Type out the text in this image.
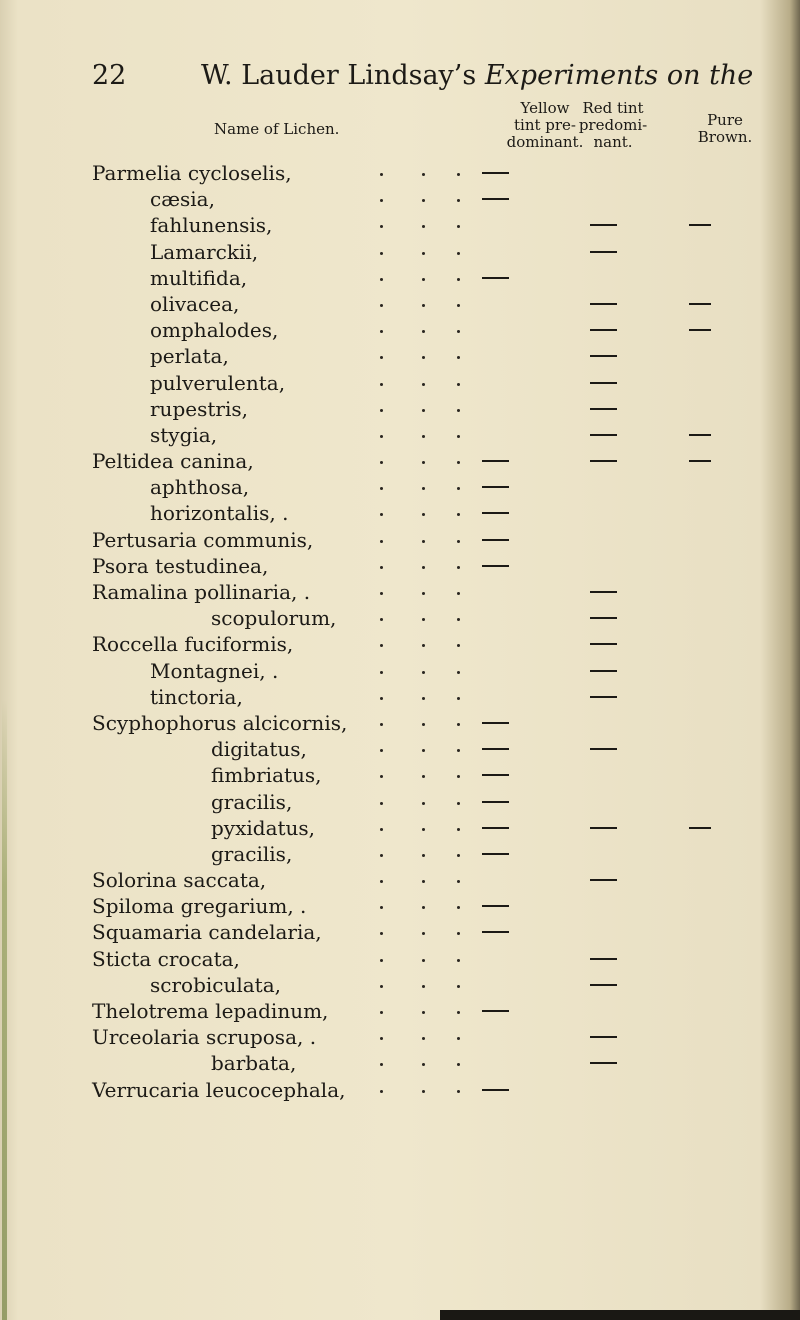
22	W. Lauder Lindsay’s Experiments on the
Name of Lichen.
Yellow
tint pre-
dominant.
Red tint
predomi-
nant.
Pure
Brown.
Parmelia cycloselis,
cæsia,
fahlunensis,
Lamarckii,
multifida,
olivacea,
omphalodes,
perlata,
pulverulenta,
rupestris,
stygia,
Peltidea canina,
aphthosa,
horizontalis, .
Pertusaria communis,
Psora testudinea,
Ramalina pollinaria, .
scopulorum,
Roccella fuciformis,
Montagnei, .
tinctoria,
Scyphophorus alcicornis,
digitatus,
fimbriatus,
gracilis,
pyxidatus,
gracilis,
Solorina saccata,
Spiloma gregarium, .
Squamaria candelaria,
Sticta crocata,
scrobiculata,
Thelotrema lepadinum,
Urceolaria scruposa, .
barbata,
Verrucaria leucocephala,
